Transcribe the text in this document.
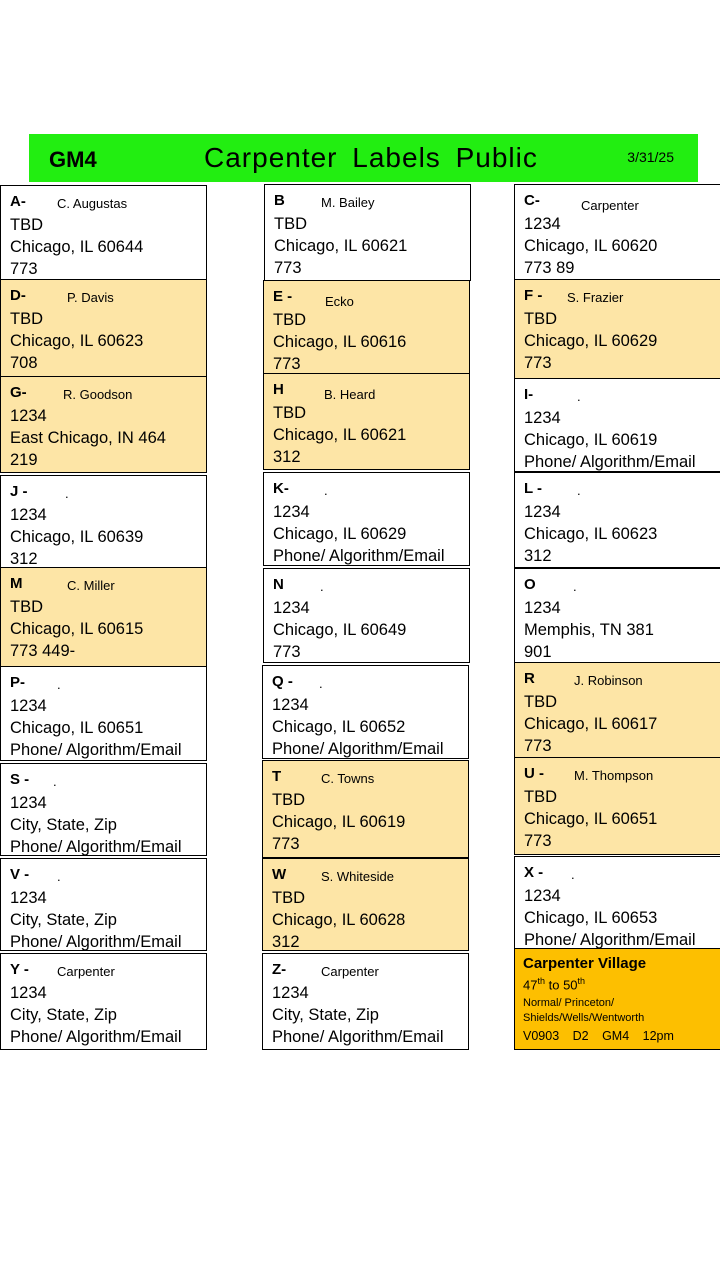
GM4	Carpenter Labels Public	3/31/25
A- C. Augustas
TBD
Chicago, IL 60644
773
D-	P. Davis
TBD
Chicago, IL 60623
708
G-	R. Goodson
1234
East Chicago, IN 464
219
J -	.
1234
Chicago, IL 60639
312
M	C. Miller
TBD
Chicago, IL 60615
773 449-
P- .
1234
Chicago, IL 60651
Phone/ Algorithm/Email
S - .
1234
City, State, Zip
Phone/ Algorithm/Email
V - .
1234
City, State, Zip
Phone/ Algorithm/Email
Y - Carpenter
1234
City, State, Zip
Phone/ Algorithm/Email
B	M. Bailey
TBD
Chicago, IL 60621
773
E -	Ecko
TBD
Chicago, IL 60616
773
H	B. Heard
TBD
Chicago, IL 60621
312
K-	.
1234
Chicago, IL 60629
Phone/ Algorithm/Email
N	.
1234
Chicago, IL 60649
773
Q - .
1234
Chicago, IL 60652
Phone/ Algorithm/Email
T	C. Towns
TBD
Chicago, IL 60619
773
W	S. Whiteside
TBD
Chicago, IL 60628
312
Z-	Carpenter
1234
City, State, Zip
Phone/ Algorithm/Email
C-	Carpenter
1234
Chicago, IL 60620
773 89
F - S. Frazier
TBD
Chicago, IL 60629
773
I-	.
1234
Chicago, IL 60619
Phone/ Algorithm/Email
L -	.
1234
Chicago, IL 60623
312
O	.
1234
Memphis, TN 381
901
R	J. Robinson
TBD
Chicago, IL 60617
773
U - M. Thompson
TBD
Chicago, IL 60651
773
X - .
1234
Chicago, IL 60653
Phone/ Algorithm/Email
Carpenter Village
47th to 50th
Normal/ Princeton/
Shields/Wells/Wentworth
V0903 D2 GM4 12pm
